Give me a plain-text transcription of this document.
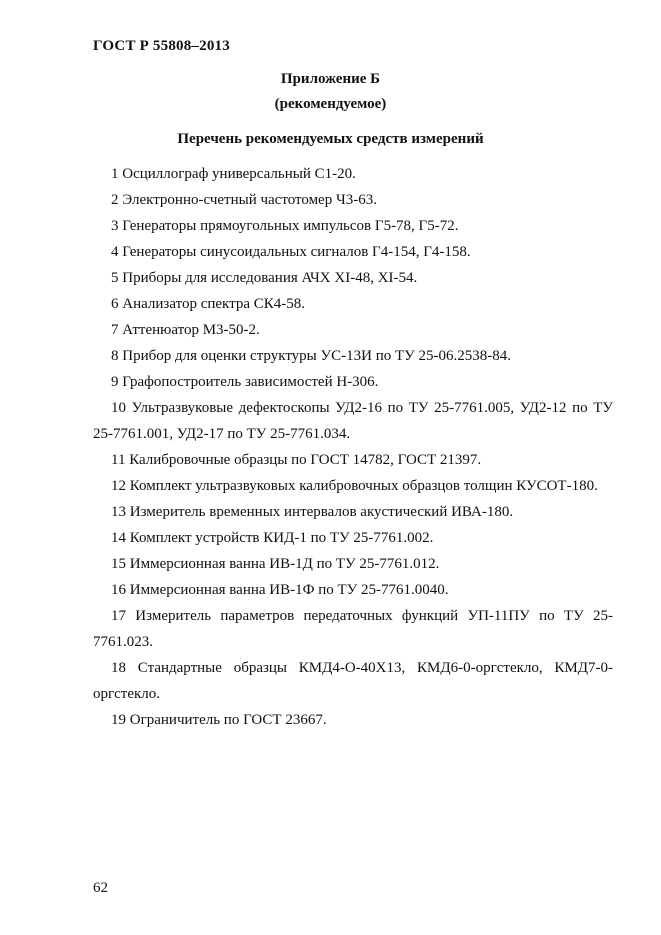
ГОСТ Р 55808–2013
Приложение Б
(рекомендуемое)
Перечень рекомендуемых средств измерений
1 Осциллограф универсальный С1-20.
2 Электронно-счетный частотомер Ч3-63.
3 Генераторы прямоугольных импульсов Г5-78, Г5-72.
4 Генераторы синусоидальных сигналов Г4-154, Г4-158.
5 Приборы для исследования АЧХ XI-48, XI-54.
6 Анализатор спектра СК4-58.
7 Аттенюатор М3-50-2.
8 Прибор для оценки структуры УС-13И по ТУ 25-06.2538-84.
9 Графопостроитель зависимостей Н-306.
10 Ультразвуковые дефектоскопы УД2-16 по ТУ 25-7761.005, УД2-12 по ТУ 25-7761.001, УД2-17 по ТУ 25-7761.034.
11 Калибровочные образцы по ГОСТ 14782, ГОСТ 21397.
12 Комплект ультразвуковых калибровочных образцов толщин КУСОТ-180.
13 Измеритель временных интервалов акустический ИВА-180.
14 Комплект устройств КИД-1 по ТУ 25-7761.002.
15 Иммерсионная ванна ИВ-1Д по ТУ 25-7761.012.
16 Иммерсионная ванна ИВ-1Ф по ТУ 25-7761.0040.
17 Измеритель параметров передаточных функций УП-11ПУ по ТУ 25-7761.023.
18 Стандартные образцы КМД4-О-40Х13, КМД6-0-оргстекло, КМД7-0-оргстекло.
19 Ограничитель по ГОСТ 23667.
62
